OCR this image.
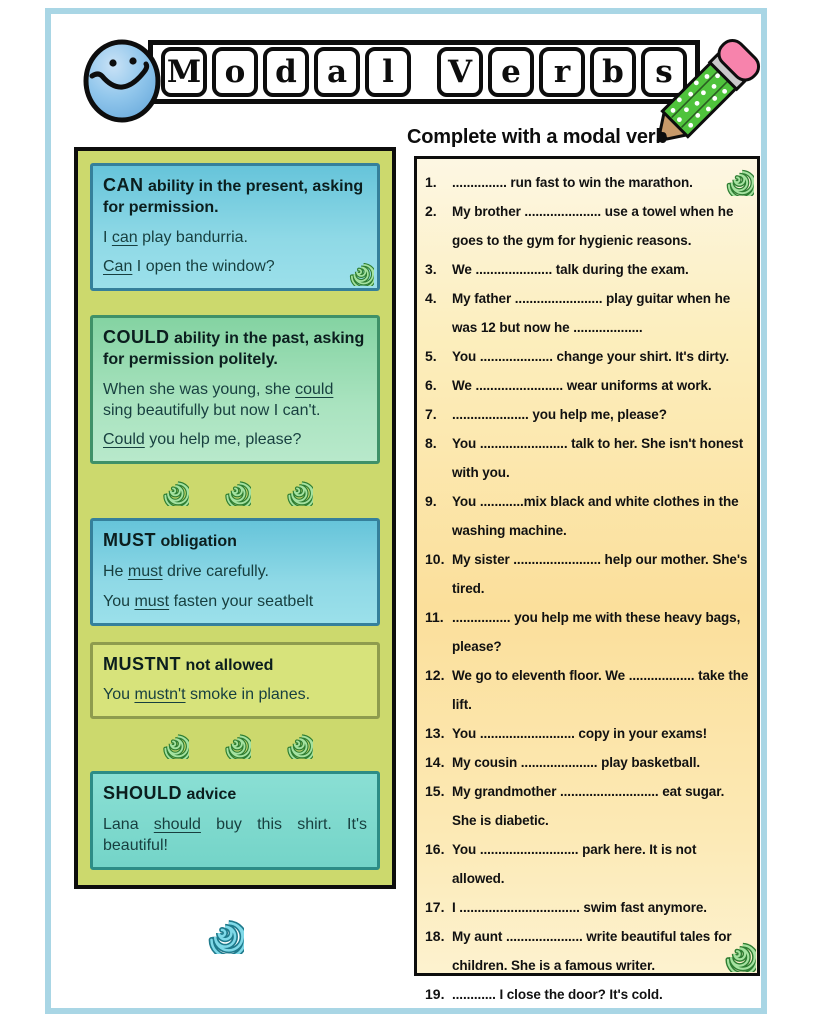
M o d a	l	V e	r	b	s
Complete with a modal verb
CAN ability in the present, asking for permission.
I can play bandurria.
Can I open the window?
COULD ability in the past, asking for permission politely.
When she was young, she could sing beautifully but now I can't.
Could you help me, please?
MUST obligation
He must drive carefully.
You must fasten your seatbelt
MUSTNT not allowed
You mustn't smoke in planes.
SHOULD advice
Lana should buy this shirt. It's beautiful!
1.	............... run fast to win the marathon.
2.	My brother ..................... use a towel when he goes to the gym for hygienic reasons.
3.	We ..................... talk during the exam.
4.	My father ........................ play guitar when he was 12 but now he ...................
5.	You .................... change your shirt. It's dirty.
6.	We ........................ wear uniforms at work.
7.	..................... you help me, please?
8.	You ........................ talk to her. She isn't honest with you.
9.	You ............mix black and white clothes in the washing machine.
10. My sister ........................ help our mother. She's tired.
11. ................ you help me with these heavy bags, please?
12. We go to eleventh floor. We .................. take the lift.
13. You .......................... copy in your exams!
14. My cousin ..................... play basketball.
15. My grandmother ........................... eat sugar. She is diabetic.
16. You ........................... park here. It is not allowed.
17. I ................................. swim fast anymore.
18. My aunt ..................... write beautiful tales for children. She is a famous writer.
19. ............ I close the door? It's cold.
